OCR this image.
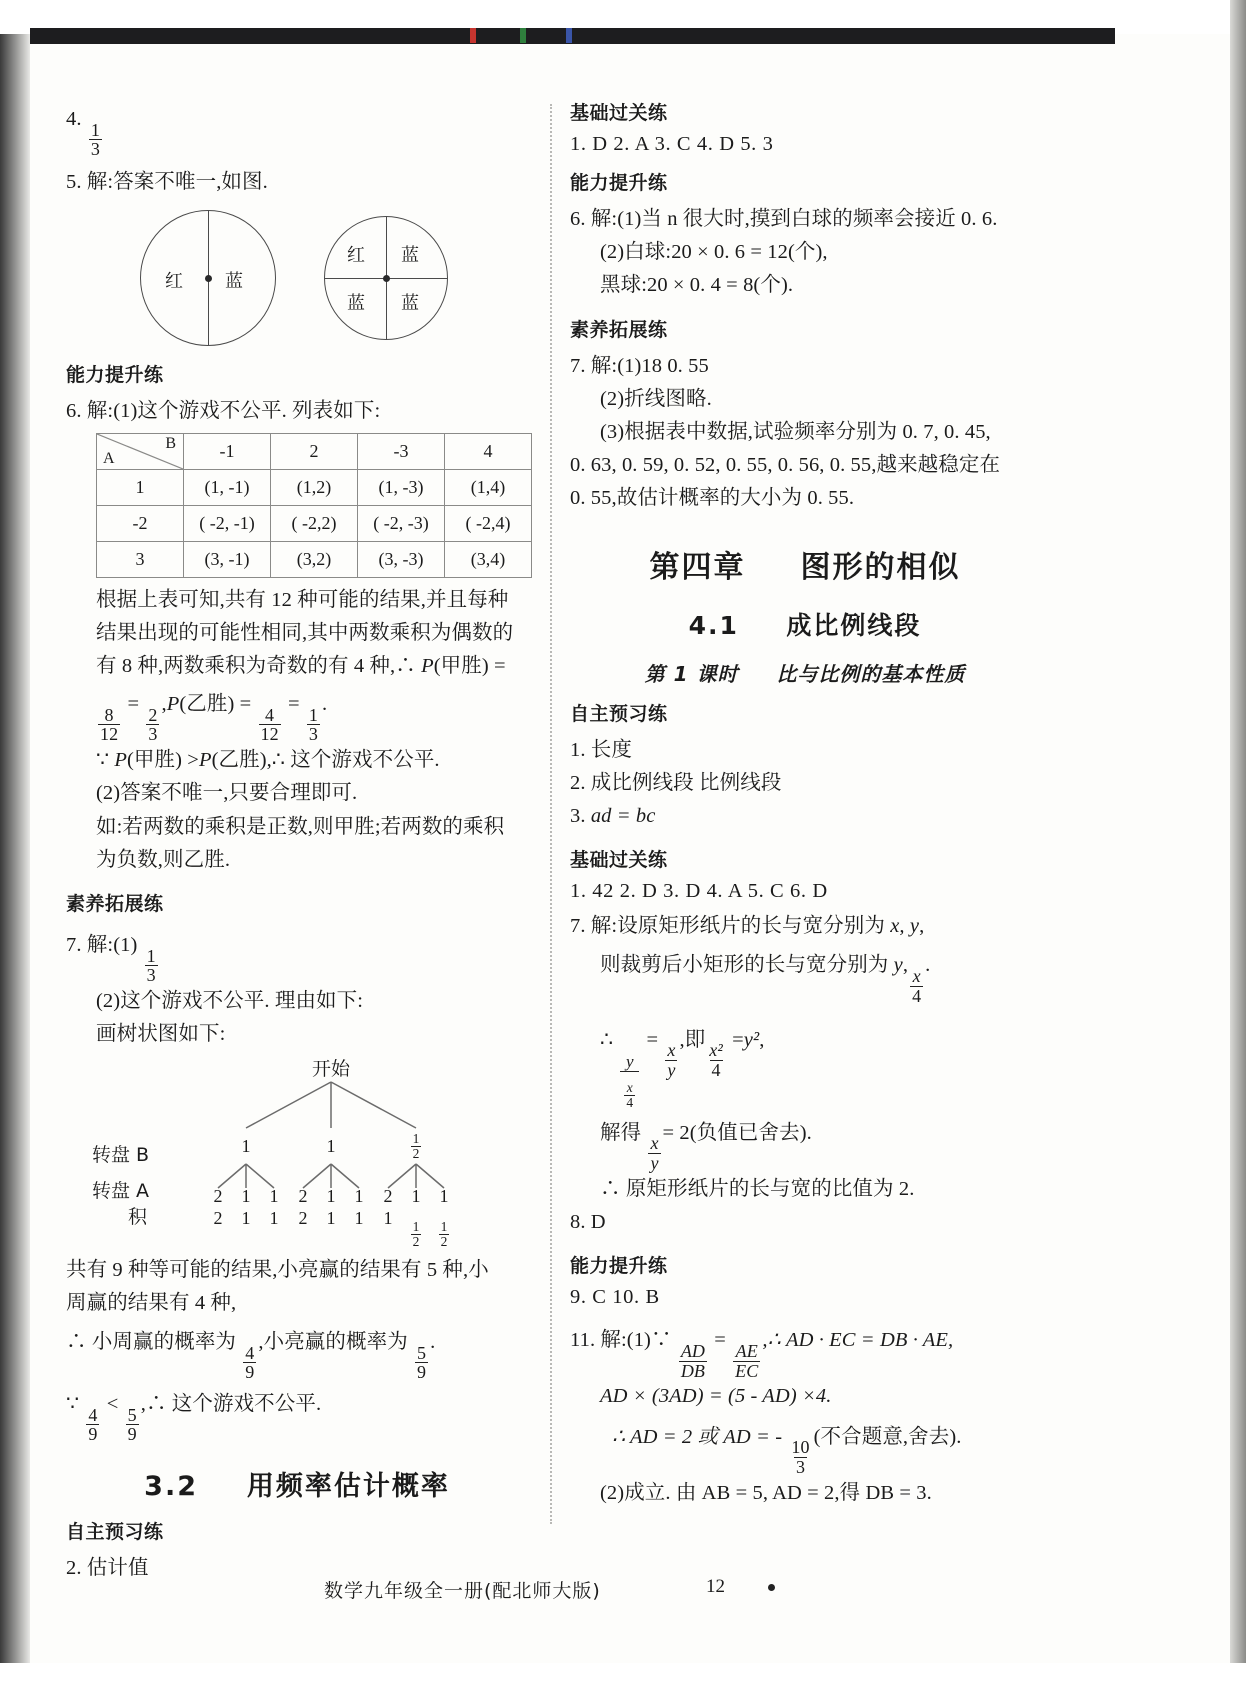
4.
$\frac{1}{3}$
5. 解:答案不唯一,如图.
红 蓝
红 蓝
蓝 蓝
能力提升练
6. 解:(1)这个游戏不公平. 列表如下:
B
A	-1	2	-3	4
1	(1, -1)	(1,2)	(1, -3)	(1,4)
-2	( -2, -1)	( -2,2)	( -2, -3)	( -2,4)
3	(3, -1)	(3,2)	(3, -3)	(3,4)
根据上表可知,共有 12 种可能的结果,并且每种
结果出现的可能性相同,其中两数乘积为偶数的
有 8 种,两数乘积为奇数的有 4 种,∴ P(甲胜) =
$\frac{8}{12}$
=
$\frac{2}{3}$
,P(乙胜) =
$\frac{4}{12}$
=
$\frac{1}{3}$
.
∵ P(甲胜) >P(乙胜),∴ 这个游戏不公平.
(2)答案不唯一,只要合理即可.
如:若两数的乘积是正数,则甲胜;若两数的乘积
为负数,则乙胜.
素养拓展练
7. 解:(1)
$\frac{1}{3}$
(2)这个游戏不公平. 理由如下:
画树状图如下:
开始
转盘 B
转盘 A
积
1	1	$\frac{1}{2}$
2	1	1	2	1	1	2	1	1
2	1	1	2	1	1	1
$\frac{1}{2} \frac{1}{2}$
共有 9 种等可能的结果,小亮赢的结果有 5 种,小
周赢的结果有 4 种,
∴ 小周赢的概率为
$\frac{4}{9}$
,小亮赢的概率为
$\frac{5}{9}$
.
∵
$\frac{4}{9}$
<
$\frac{5}{9}$
,∴ 这个游戏不公平.
3.2 用频率估计概率
自主预习练
2. 估计值
基础过关练
1. D 2. A 3. C 4. D 5. 3
能力提升练
6. 解:(1)当 n 很大时,摸到白球的频率会接近 0. 6.
(2)白球:20 × 0. 6 = 12(个),
黑球:20 × 0. 4 = 8(个).
素养拓展练
7. 解:(1)18 0. 55
(2)折线图略.
(3)根据表中数据,试验频率分别为 0. 7, 0. 45,
0. 63, 0. 59, 0. 52, 0. 55, 0. 56, 0. 55,越来越稳定在
0. 55,故估计概率的大小为 0. 55.
第四章 图形的相似
4.1 成比例线段
第 1 课时 比与比例的基本性质
自主预习练
1. 长度
2. 成比例线段 比例线段
3. ad = bc
基础过关练
1. 42 2. D 3. D 4. A 5. C 6. D
7. 解:设原矩形纸片的长与宽分别为 x, y,
则裁剪后小矩形的长与宽分别为 y,
$\frac{x}{4}$
.
∴
$\frac{y}{\frac{x}{4}}$
=
$\frac{x}{y}$
,即
$\frac{\text{x²}}{4}$
=y²,
解得
$\frac{x}{y}$
= 2(负值已舍去).
∴ 原矩形纸片的长与宽的比值为 2.
8. D
能力提升练
9. C 10. B
11. 解:(1)∵
$\frac{AD}{DB}$
=
$\frac{AE}{EC}$
,∴ AD · EC = DB · AE,
AD × (3AD) = (5 - AD) ×4.
∴ AD = 2 或 AD = -
$\frac{10}{3}$
(不合题意,舍去).
(2)成立. 由 AB = 5, AD = 2,得 DB = 3.
数学九年级全一册(配北师大版)	12
